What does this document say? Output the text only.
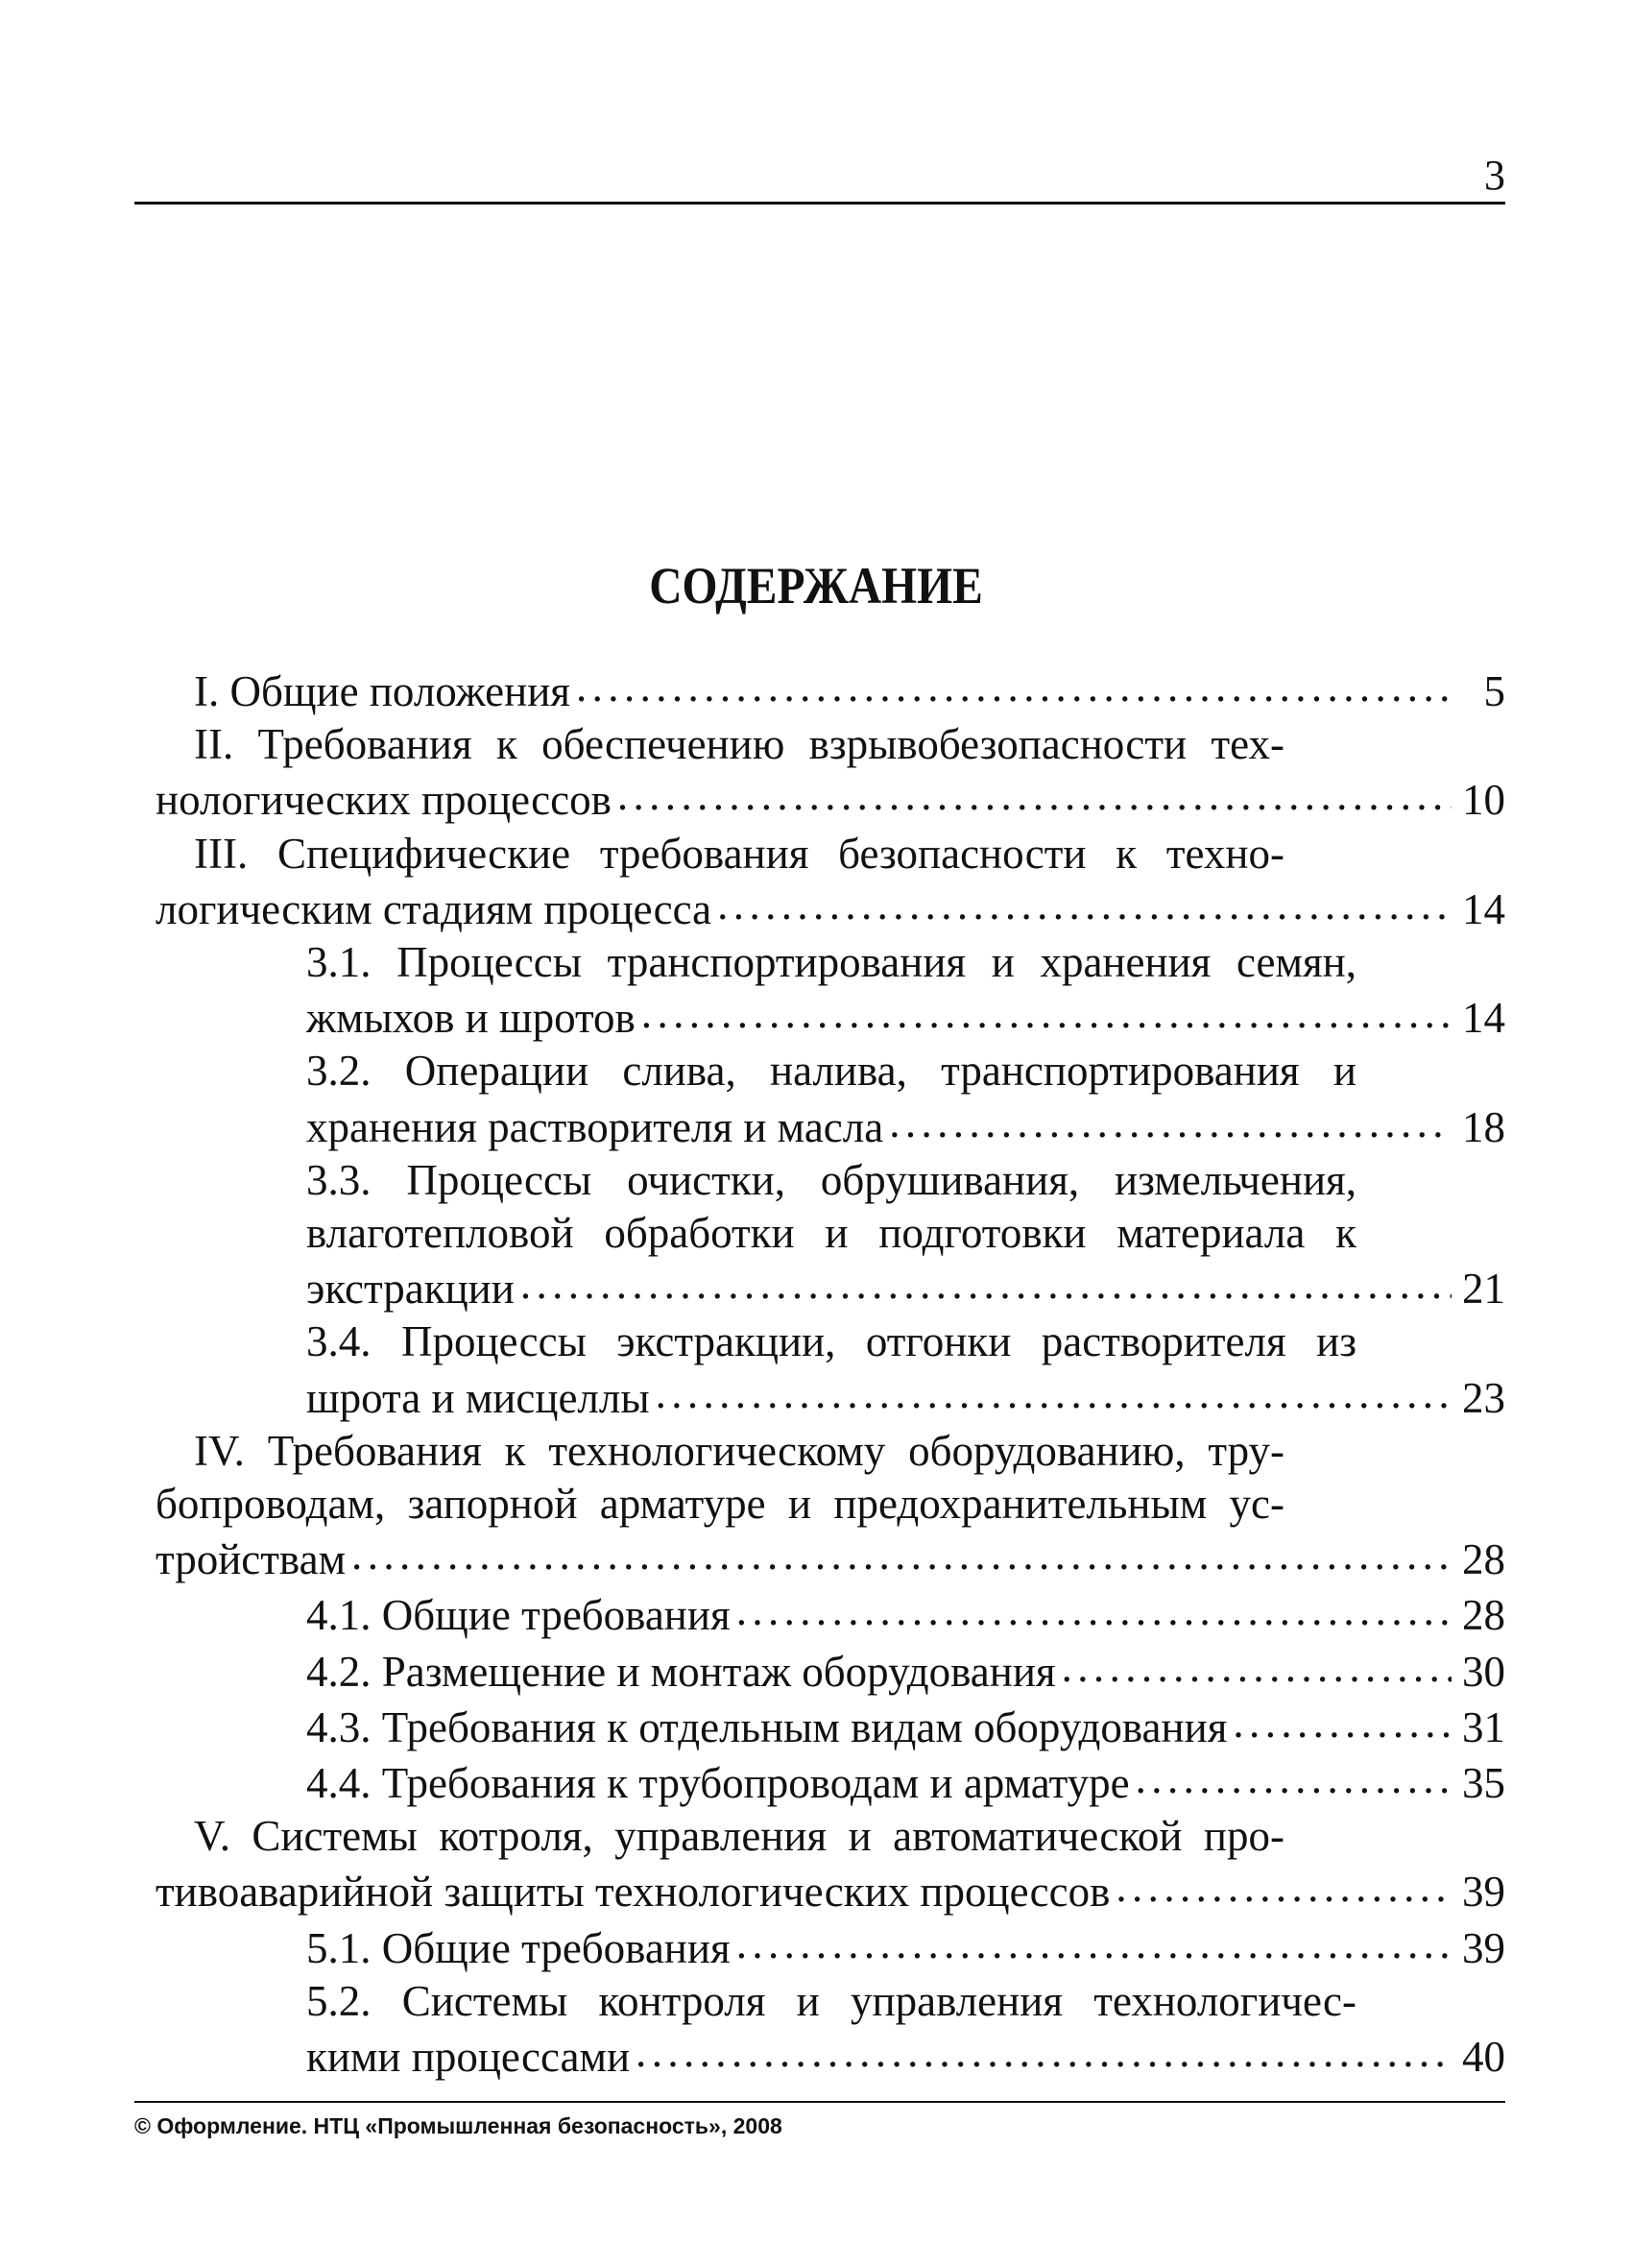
3
СОДЕРЖАНИЕ
I. Общие положения .....	5
II. Требования к обеспечению взрывобезопасности тех-
нологических процессов .....	10
III. Специфические требования безопасности к техно-
логическим стадиям процесса .....	14
3.1. Процессы транспортирования и хранения семян,
жмыхов и шротов .....	14
3.2. Операции слива, налива, транспортирования и
хранения растворителя и масла .....	18
3.3. Процессы очистки, обрушивания, измельчения,
влаготепловой обработки и подготовки материала к
экстракции .....	21
3.4. Процессы экстракции, отгонки растворителя из
шрота и мисцеллы .....	23
IV. Требования к технологическому оборудованию, тру-
бопроводам, запорной арматуре и предохранительным ус-
тройствам .....	28
4.1. Общие требования .....	28
4.2. Размещение и монтаж оборудования .....	30
4.3. Требования к отдельным видам оборудования .....	31
4.4. Требования к трубопроводам и арматуре .....	35
V. Системы котроля, управления и автоматической про-
тивоаварийной защиты технологических процессов .....	39
5.1. Общие требования .....	39
5.2. Системы контроля и управления технологичес-
кими процессами .....	40
© Оформление. НТЦ «Промышленная безопасность», 2008
